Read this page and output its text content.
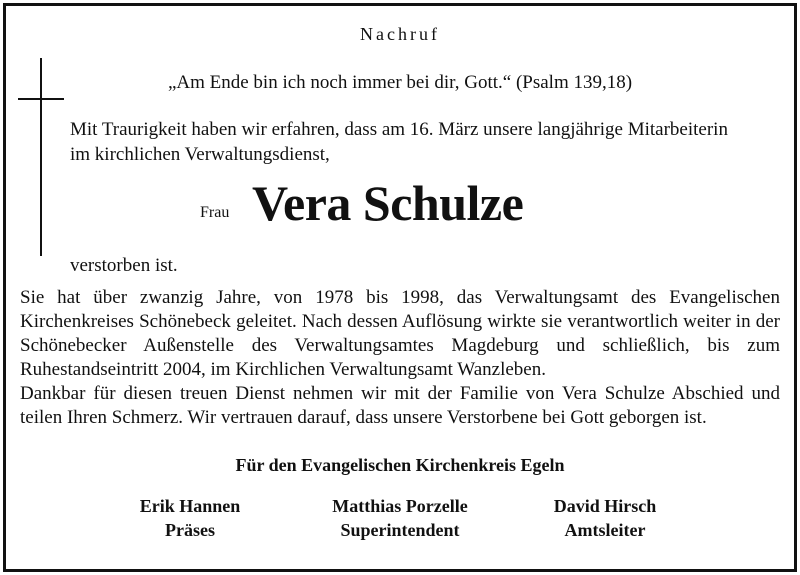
Nachruf
„Am Ende bin ich noch immer bei dir, Gott.“ (Psalm 139,18)
Mit Traurigkeit haben wir erfahren, dass am 16. März unsere langjährige Mitarbeiterin
im kirchlichen Verwaltungsdienst,
Frau Vera Schulze
verstorben ist.

Sie hat über zwanzig Jahre, von 1978 bis 1998, das Verwaltungsamt des Evangelischen Kirchenkreises Schönebeck geleitet. Nach dessen Auflösung wirkte sie verantwortlich weiter in der Schönebecker Außenstelle des Verwaltungsamtes Magdeburg und schließlich, bis zum Ruhestandseintritt 2004, im Kirchlichen Verwaltungsamt Wanzleben.

Dankbar für diesen treuen Dienst nehmen wir mit der Familie von Vera Schulze Abschied und teilen Ihren Schmerz. Wir vertrauen darauf, dass unsere Verstorbene bei Gott geborgen ist.

Für den Evangelischen Kirchenkreis Egeln
Erik Hannen
Präses
Matthias Porzelle
Superintendent
David Hirsch
Amtsleiter
